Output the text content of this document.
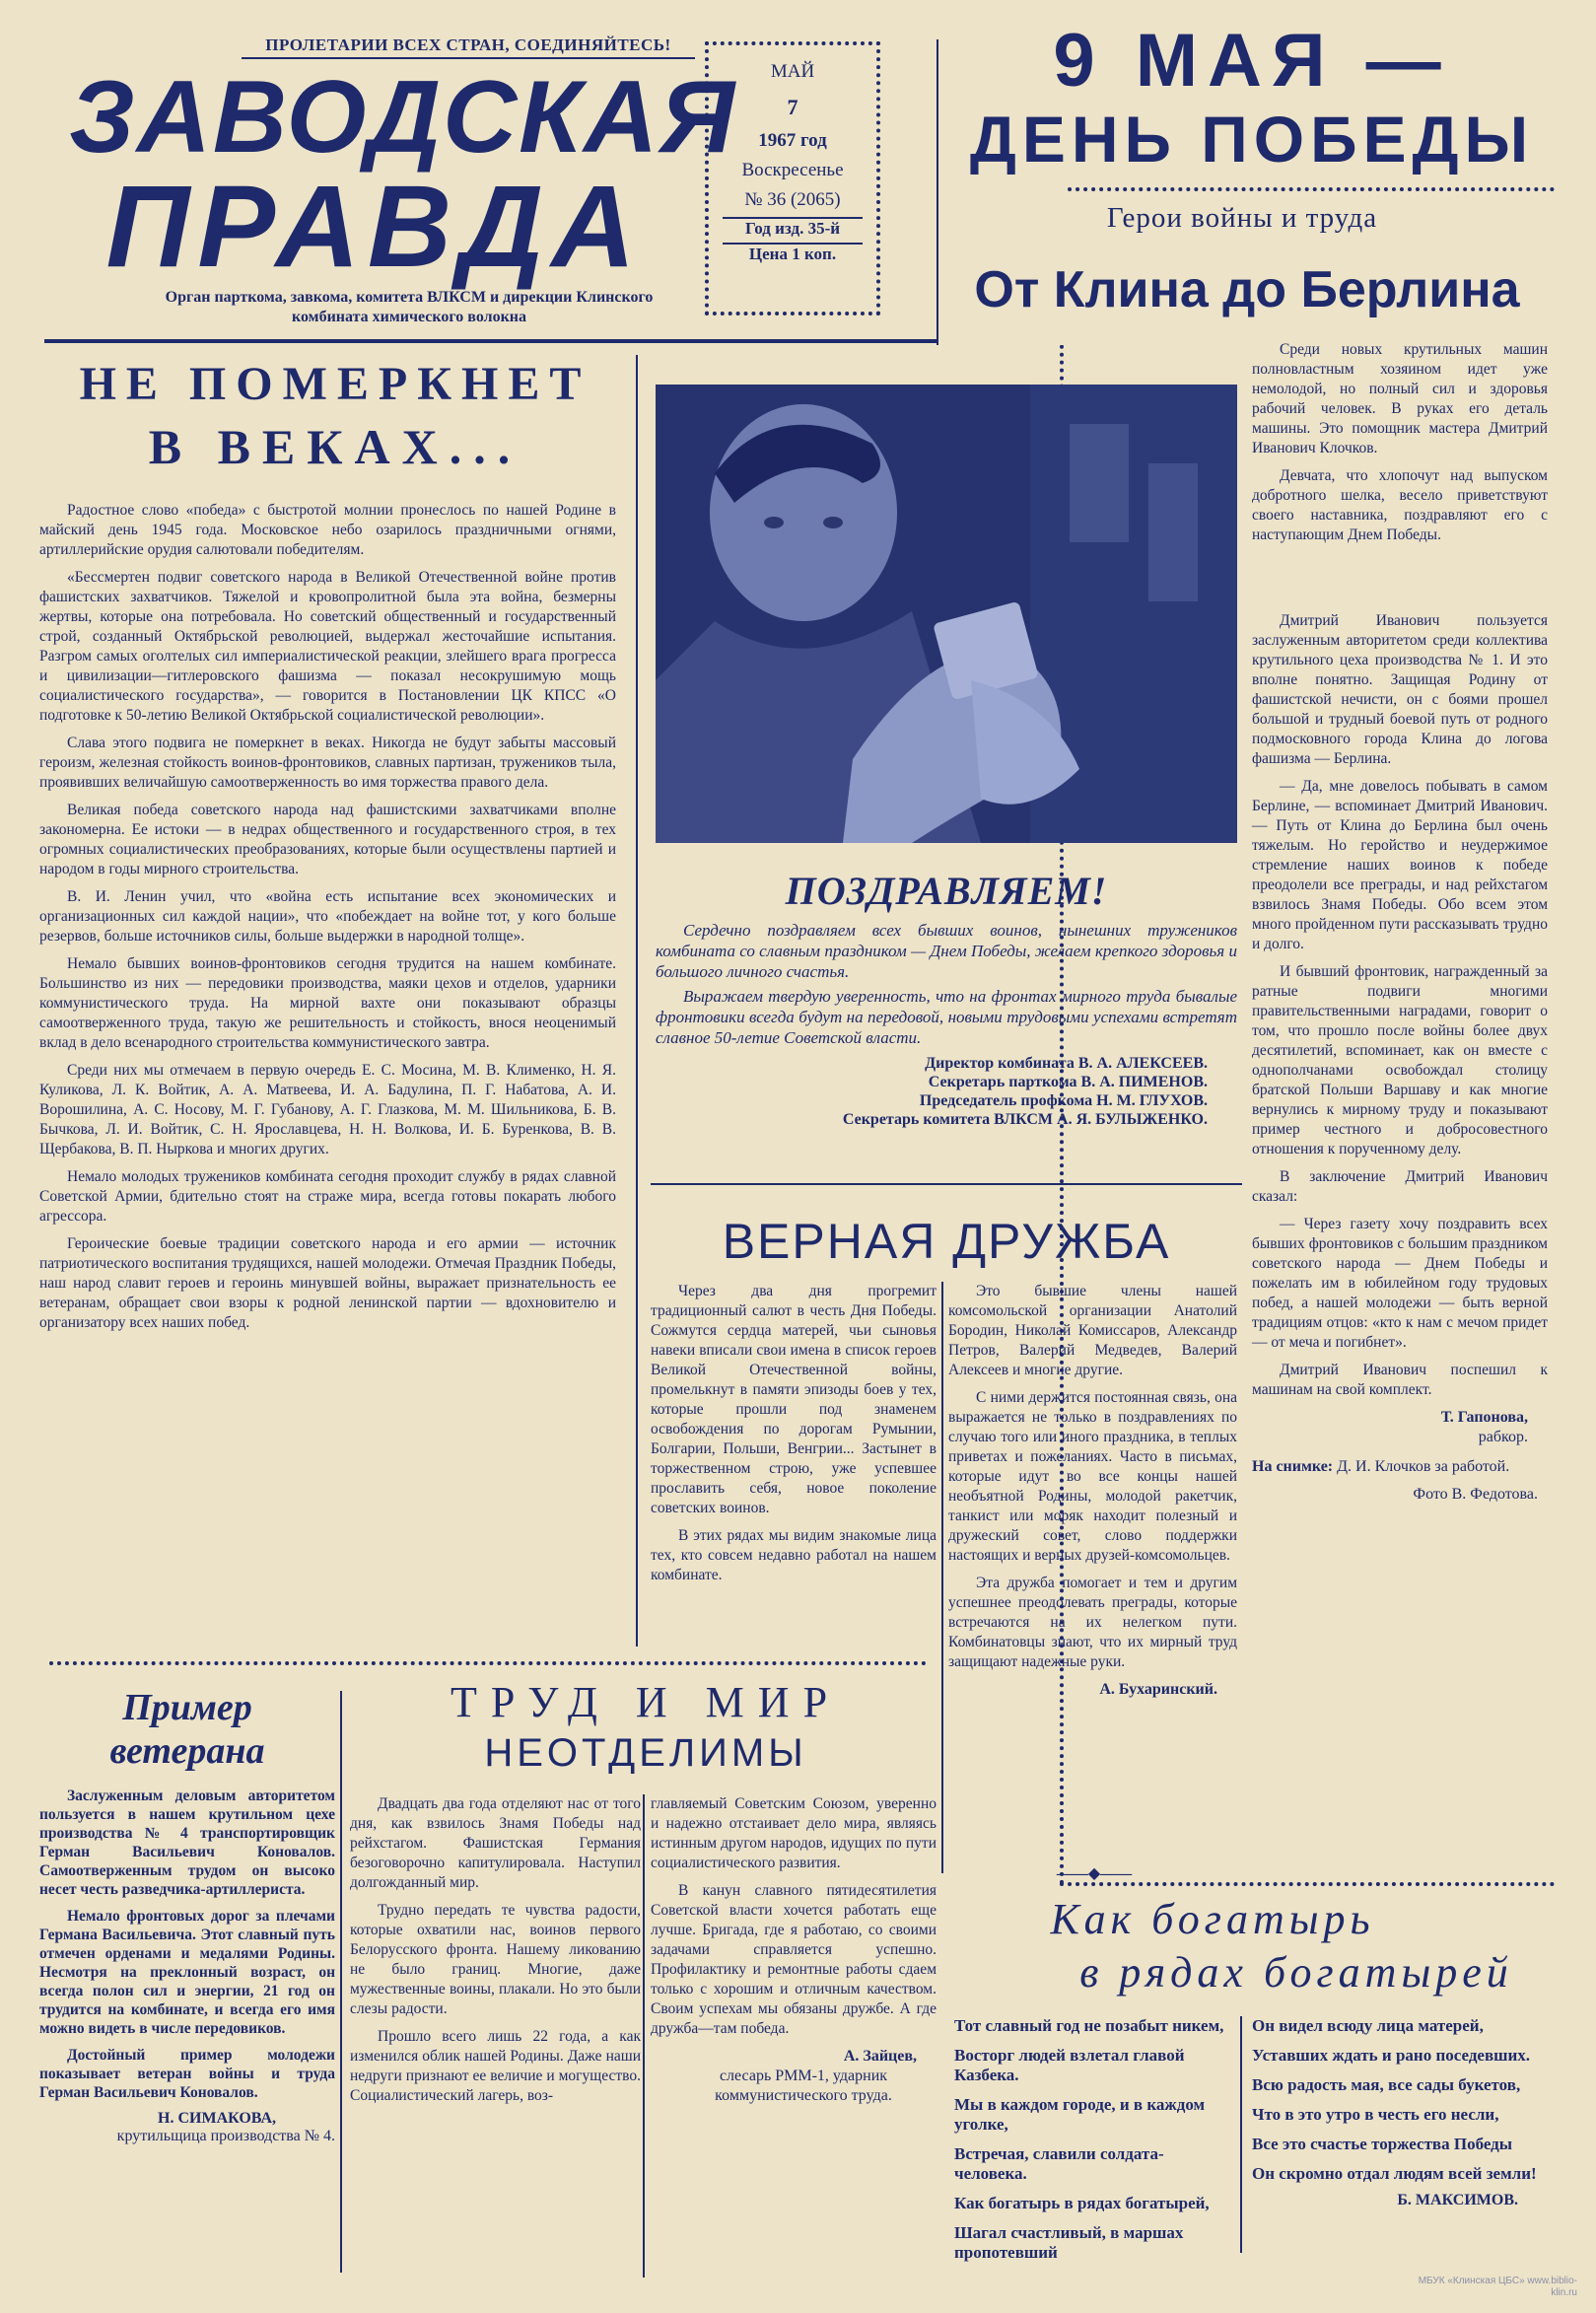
ПРОЛЕТАРИИ ВСЕХ СТРАН, СОЕДИНЯЙТЕСЬ!
ЗАВОДСКАЯ
ПРАВДА
Орган парткома, завкома, комитета ВЛКСМ и дирекции Клинского комбината химического волокна
МАЙ
7
1967 год
Воскресенье
№ 36 (2065)
Год изд. 35-й
Цена 1 коп.
9 МАЯ —
ДЕНЬ ПОБЕДЫ
Герои войны и труда
От Клина до Берлина
НЕ ПОМЕРКНЕТ
В ВЕКАХ...

Радостное слово «победа» с быстротой молнии пронеслось по нашей Родине в майский день 1945 года. Московское небо озарилось праздничными огнями, артиллерийские орудия салютовали победителям.

«Бессмертен подвиг советского народа в Великой Отечественной войне против фашистских захватчиков. Тяжелой и кровопролитной была эта война, безмерны жертвы, которые она потребовала. Но советский общественный и государственный строй, созданный Октябрьской революцией, выдержал жесточайшие испытания. Разгром самых оголтелых сил империалистической реакции, злейшего врага прогресса и цивилизации—гитлеровского фашизма — показал несокрушимую мощь социалистического государства», — говорится в Постановлении ЦК КПСС «О подготовке к 50-летию Великой Октябрьской социалистической революции».

Слава этого подвига не померкнет в веках. Никогда не будут забыты массовый героизм, железная стойкость воинов-фронтовиков, славных партизан, тружеников тыла, проявивших величайшую самоотверженность во имя торжества правого дела.

Великая победа советского народа над фашистскими захватчиками вполне закономерна. Ее истоки — в недрах общественного и государственного строя, в тех огромных социалистических преобразованиях, которые были осуществлены партией и народом в годы мирного строительства.

В. И. Ленин учил, что «война есть испытание всех экономических и организационных сил каждой нации», что «побеждает на войне тот, у кого больше резервов, больше источников силы, больше выдержки в народной толще».

Немало бывших воинов-фронтовиков сегодня трудится на нашем комбинате. Большинство из них — передовики производства, маяки цехов и отделов, ударники коммунистического труда. На мирной вахте они показывают образцы самоотверженного труда, такую же решительность и стойкость, внося неоценимый вклад в дело всенародного строительства коммунистического завтра.

Среди них мы отмечаем в первую очередь Е. С. Мосина, М. В. Клименко, Н. Я. Куликова, Л. К. Войтик, А. А. Матвеева, И. А. Бадулина, П. Г. Набатова, А. И. Ворошилина, А. С. Носову, М. Г. Губанову, А. Г. Глазкова, М. М. Шильникова, Б. В. Бычкова, Л. И. Войтик, С. Н. Ярославцева, Н. Н. Волкова, И. Б. Буренкова, В. В. Щербакова, В. П. Ныркова и многих других.

Немало молодых тружеников комбината сегодня проходит службу в рядах славной Советской Армии, бдительно стоят на страже мира, всегда готовы покарать любого агрессора.

Героические боевые традиции советского народа и его армии — источник патриотического воспитания трудящихся, нашей молодежи. Отмечая Праздник Победы, наш народ славит героев и героинь минувшей войны, выражает признательность ее ветеранам, обращает свои взоры к родной ленинской партии — вдохновителю и организатору всех наших побед.

ПОЗДРАВЛЯЕМ!

Сердечно поздравляем всех бывших воинов, нынешних тружеников комбината со славным праздником — Днем Победы, желаем крепкого здоровья и большого личного счастья.

Выражаем твердую уверенность, что на фронтах мирного труда бывалые фронтовики всегда будут на передовой, новыми трудовыми успехами встретят славное 50-летие Советской власти.

Директор комбината В. А. АЛЕКСЕЕВ.
Секретарь парткома В. А. ПИМЕНОВ.
Председатель профкома Н. М. ГЛУХОВ.
Секретарь комитета ВЛКСМ А. Я. БУЛЫЖЕНКО.
ВЕРНАЯ ДРУЖБА

Через два дня прогремит традиционный салют в честь Дня Победы. Сожмутся сердца матерей, чьи сыновья навеки вписали свои имена в список героев Великой Отечественной войны, промелькнут в памяти эпизоды боев у тех, которые прошли под знаменем освобождения по дорогам Румынии, Болгарии, Польши, Венгрии... Застынет в торжественном строю, уже успевшее прославить себя, новое поколение советских воинов.

В этих рядах мы видим знакомые лица тех, кто совсем недавно работал на нашем комбинате.

Это бывшие члены нашей комсомольской организации Анатолий Бородин, Николай Комиссаров, Александр Петров, Валерий Медведев, Валерий Алексеев и многие другие.

С ними держится постоянная связь, она выражается не только в поздравлениях по случаю того или иного праздника, в теплых приветах и пожеланиях. Часто в письмах, которые идут во все концы нашей необъятной Родины, молодой ракетчик, танкист или моряк находит полезный и дружеский совет, слово поддержки настоящих и верных друзей-комсомольцев.

Эта дружба помогает и тем и другим успешнее преодолевать преграды, которые встречаются на их нелегком пути. Комбинатовцы знают, что их мирный труд защищают надежные руки.

А. Бухаринский.
——◆——

Среди новых крутильных машин полновластным хозяином идет уже немолодой, но полный сил и здоровья рабочий человек. В руках его деталь машины. Это помощник мастера Дмитрий Иванович Клочков.

Девчата, что хлопочут над выпуском добротного шелка, весело приветствуют своего наставника, поздравляют его с наступающим Днем Победы.

Дмитрий Иванович пользуется заслуженным авторитетом среди коллектива крутильного цеха производства № 1. И это вполне понятно. Защищая Родину от фашистской нечисти, он с боями прошел большой и трудный боевой путь от родного подмосковного города Клина до логова фашизма — Берлина.

— Да, мне довелось побывать в самом Берлине, — вспоминает Дмитрий Иванович. — Путь от Клина до Берлина был очень тяжелым. Но геройство и неудержимое стремление наших воинов к победе преодолели все преграды, и над рейхстагом взвилось Знамя Победы. Обо всем этом много пройденном пути рассказывать трудно и долго.

И бывший фронтовик, награжденный за ратные подвиги многими правительственными наградами, говорит о том, что прошло после войны более двух десятилетий, вспоминает, как он вместе с однополчанами освобождал столицу братской Польши Варшаву и как многие вернулись к мирному труду и показывают пример честного и добросовестного отношения к порученному делу.

В заключение Дмитрий Иванович сказал:

— Через газету хочу поздравить всех бывших фронтовиков с большим праздником советского народа — Днем Победы и пожелать им в юбилейном году трудовых побед, а нашей молодежи — быть верной традициям отцов: «кто к нам с мечом придет — от меча и погибнет».

Дмитрий Иванович поспешил к машинам на свой комплект.

Т. Гапонова,
рабкор.
На снимке: Д. И. Клочков за работой.
Фото В. Федотова.
Пример
ветерана

Заслуженным деловым авторитетом пользуется в нашем крутильном цехе производства № 4 транспортировщик Герман Васильевич Коновалов. Самоотверженным трудом он высоко несет честь разведчика-артиллериста.

Немало фронтовых дорог за плечами Германа Васильевича. Этот славный путь отмечен орденами и медалями Родины. Несмотря на преклонный возраст, он всегда полон сил и энергии, 21 год он трудится на комбинате, и всегда его имя можно видеть в числе передовиков.

Достойный пример молодежи показывает ветеран войны и труда Герман Васильевич Коновалов.

Н. СИМАКОВА,
крутильщица производства № 4.
ТРУД И МИР
НЕОТДЕЛИМЫ

Двадцать два года отделяют нас от того дня, как взвилось Знамя Победы над рейхстагом. Фашистская Германия безоговорочно капитулировала. Наступил долгожданный мир.

Трудно передать те чувства радости, которые охватили нас, воинов первого Белорусского фронта. Нашему ликованию не было границ. Многие, даже мужественные воины, плакали. Но это были слезы радости.

Прошло всего лишь 22 года, а как изменился облик нашей Родины. Даже наши недруги признают ее величие и могущество. Социалистический лагерь, воз-

главляемый Советским Союзом, уверенно и надежно отстаивает дело мира, являясь истинным другом народов, идущих по пути социалистического развития.

В канун славного пятидесятилетия Советской власти хочется работать еще лучше. Бригада, где я работаю, со своими задачами справляется успешно. Профилактику и ремонтные работы сдаем только с хорошим и отличным качеством. Своим успехам мы обязаны дружбе. А где дружба—там победа.

А. Зайцев,
слесарь РММ-1, ударник коммунистического труда.
Как богатырь
в рядах богатырей
Тот славный год не позабыт никем,
Восторг людей взлетал главой Казбека.
Мы в каждом городе, и в каждом уголке,
Встречая, славили солдата-человека.
Как богатырь в рядах богатырей,
Шагал счастливый, в маршах пропотевший
Он видел всюду лица матерей,
Уставших ждать и рано поседевших.
Всю радость мая, все сады букетов,
Что в это утро в честь его несли,
Все это счастье торжества Победы
Он скромно отдал людям всей земли!
Б. МАКСИМОВ.
МБУК «Клинская ЦБС» www.biblio-klin.ru
